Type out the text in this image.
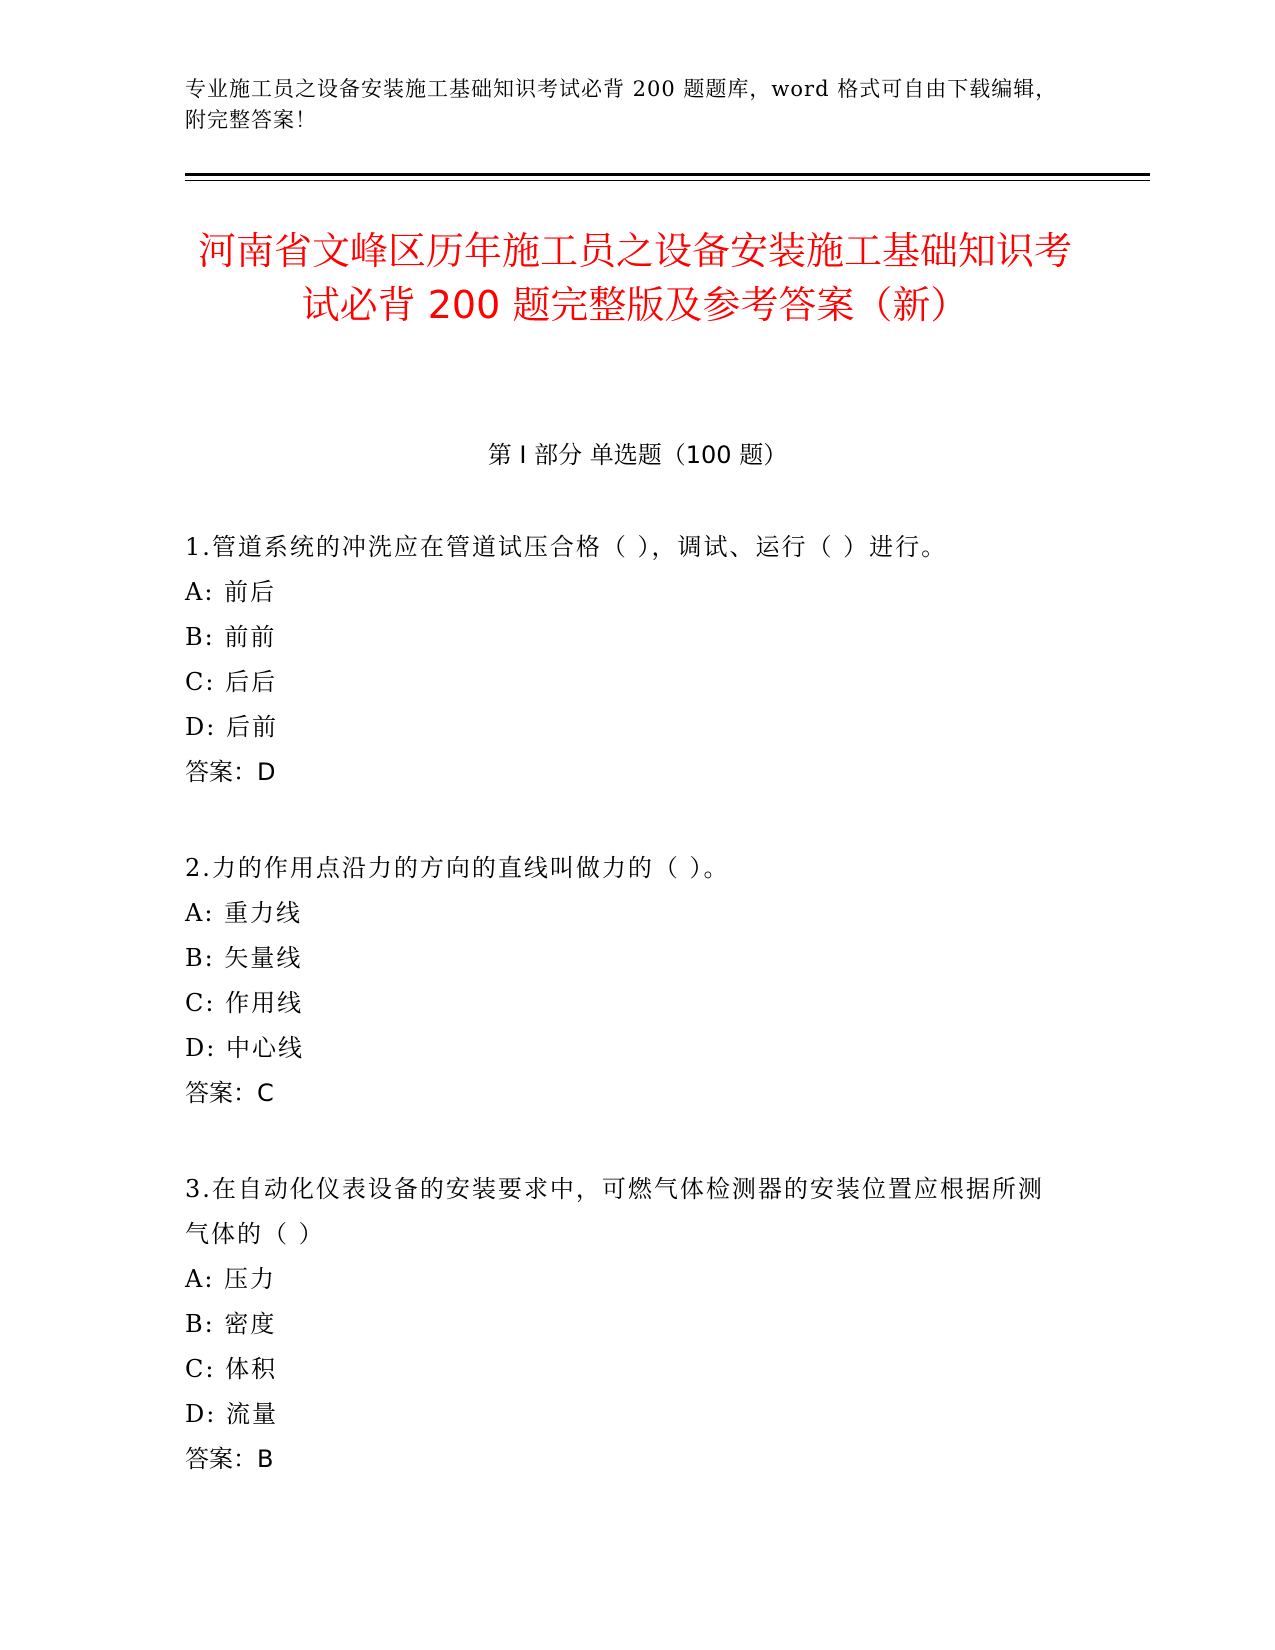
专业施工员之设备安装施工基础知识考试必背 200 题题库，word 格式可自由下载编辑，附完整答案！
河南省文峰区历年施工员之设备安装施工基础知识考试必背 200 题完整版及参考答案（新）
第 I 部分 单选题（100 题）
1.管道系统的冲洗应在管道试压合格（ ），调试、运行（ ）进行。
A: 前后
B: 前前
C: 后后
D: 后前
答案：D
2.力的作用点沿力的方向的直线叫做力的（ ）。
A: 重力线
B: 矢量线
C: 作用线
D: 中心线
答案：C
3.在自动化仪表设备的安装要求中，可燃气体检测器的安装位置应根据所测气体的（ ）
A: 压力
B: 密度
C: 体积
D: 流量
答案：B
